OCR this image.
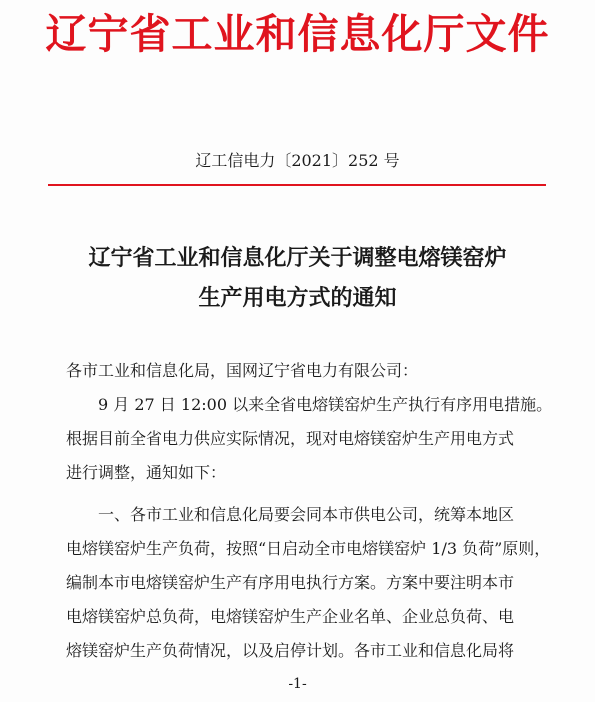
辽宁省工业和信息化厅文件
辽工信电力〔2021〕252 号
辽宁省工业和信息化厅关于调整电熔镁窑炉
生产用电方式的通知
各市工业和信息化局，国网辽宁省电力有限公司：
9 月 27 日 12:00 以来全省电熔镁窑炉生产执行有序用电措施。
根据目前全省电力供应实际情况，现对电熔镁窑炉生产用电方式
进行调整，通知如下：
一、各市工业和信息化局要会同本市供电公司，统筹本地区
电熔镁窑炉生产负荷，按照“日启动全市电熔镁窑炉 1/3 负荷”原则，
编制本市电熔镁窑炉生产有序用电执行方案。方案中要注明本市
电熔镁窑炉总负荷，电熔镁窑炉生产企业名单、企业总负荷、电
熔镁窑炉生产负荷情况，以及启停计划。各市工业和信息化局将
-1-
